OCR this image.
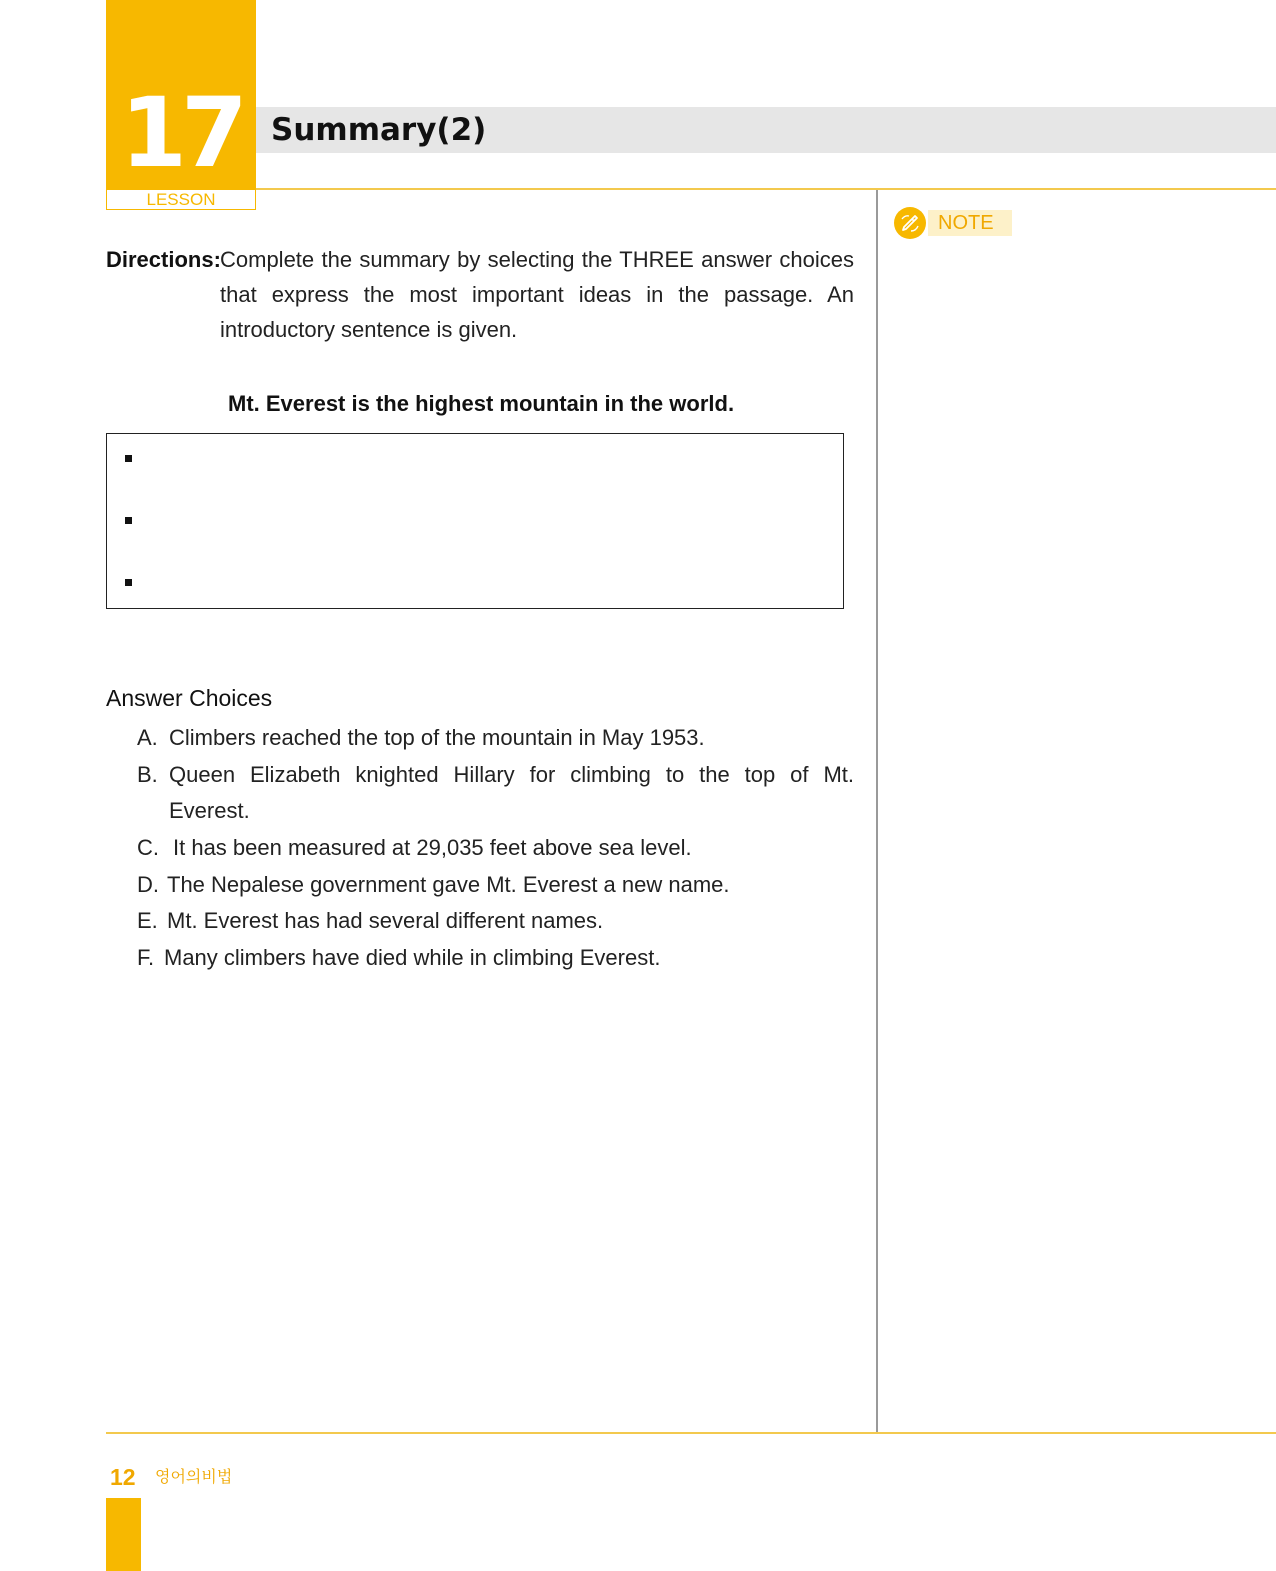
17
LESSON
Summary(2)
NOTE
Directions: Complete the summary by selecting the THREE answer choices that express the most important ideas in the passage. An introductory sentence is given.
Mt. Everest is the highest mountain in the world.
Answer Choices
A. Climbers reached the top of the mountain in May 1953.
B. Queen Elizabeth knighted Hillary for climbing to the top of Mt.
Everest.
C. It has been measured at 29,035 feet above sea level.
D. The Nepalese government gave Mt. Everest a new name.
E. Mt. Everest has had several different names.
F. Many climbers have died while in climbing Everest.
12 영어의비법
